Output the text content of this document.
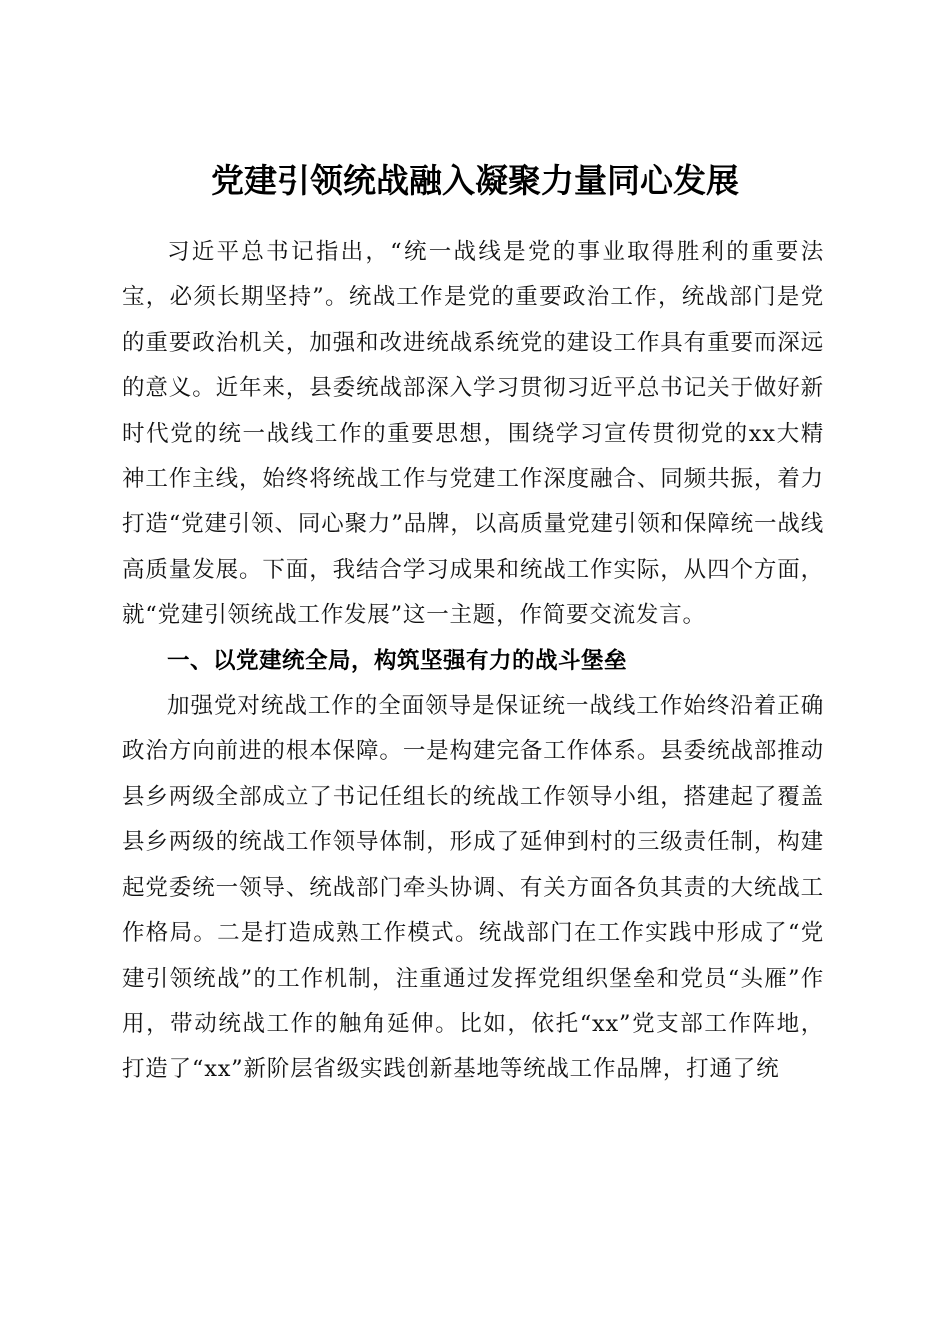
党建引领统战融入凝聚力量同心发展

习近平总书记指出，“统一战线是党的事业取得胜利的重要法宝，必须长期坚持”。统战工作是党的重要政治工作，统战部门是党的重要政治机关，加强和改进统战系统党的建设工作具有重要而深远的意义。近年来，县委统战部深入学习贯彻习近平总书记关于做好新时代党的统一战线工作的重要思想，围绕学习宣传贯彻党的xx大精神工作主线，始终将统战工作与党建工作深度融合、同频共振，着力打造“党建引领、同心聚力”品牌，以高质量党建引领和保障统一战线高质量发展。下面，我结合学习成果和统战工作实际，从四个方面，就“党建引领统战工作发展”这一主题，作简要交流发言。

一、以党建统全局，构筑坚强有力的战斗堡垒

加强党对统战工作的全面领导是保证统一战线工作始终沿着正确政治方向前进的根本保障。一是构建完备工作体系。县委统战部推动县乡两级全部成立了书记任组长的统战工作领导小组，搭建起了覆盖县乡两级的统战工作领导体制，形成了延伸到村的三级责任制，构建起党委统一领导、统战部门牵头协调、有关方面各负其责的大统战工作格局。二是打造成熟工作模式。统战部门在工作实践中形成了“党建引领统战”的工作机制，注重通过发挥党组织堡垒和党员“头雁”作用，带动统战工作的触角延伸。比如，依托“xx”党支部工作阵地，打造了“xx”新阶层省级实践创新基地等统战工作品牌，打通了统
